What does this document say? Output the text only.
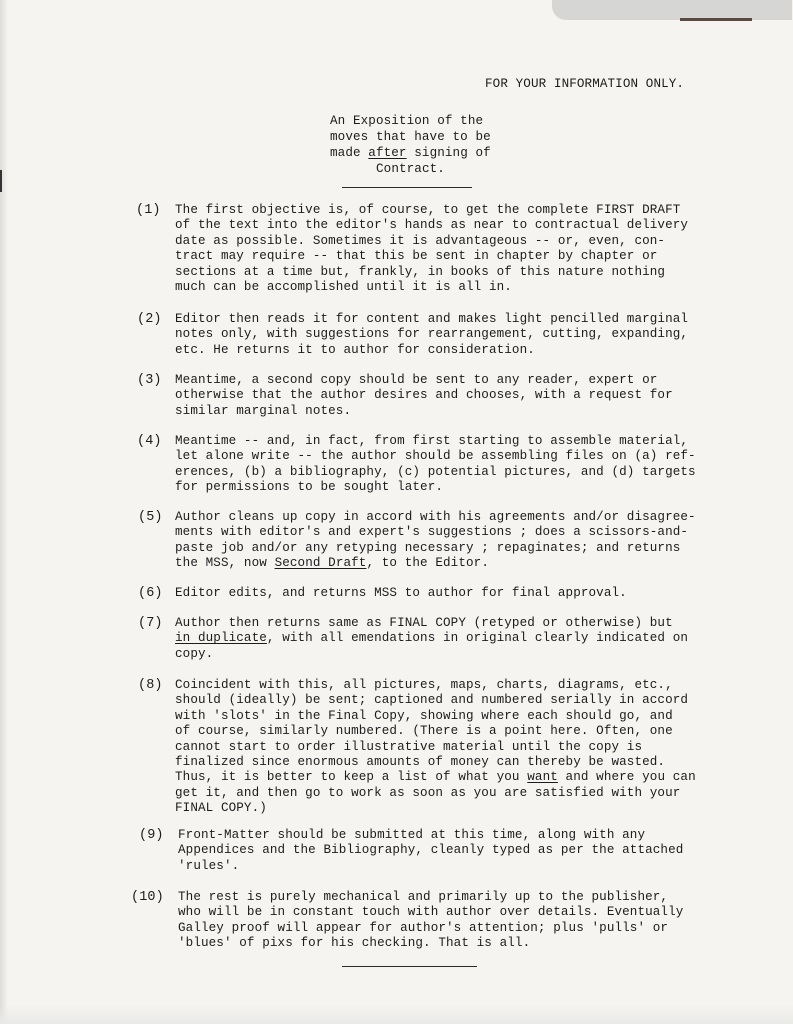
FOR YOUR INFORMATION ONLY.
An Exposition of the
moves that have to be
made after signing of
Contract.
(1) The first objective is, of course, to get the complete FIRST DRAFT
of the text into the editor's hands as near to contractual delivery
date as possible. Sometimes it is advantageous -- or, even, con-
tract may require -- that this be sent in chapter by chapter or
sections at a time but, frankly, in books of this nature nothing
much can be accomplished until it is all in.
(2) Editor then reads it for content and makes light pencilled marginal
notes only, with suggestions for rearrangement, cutting, expanding,
etc. He returns it to author for consideration.
(3) Meantime, a second copy should be sent to any reader, expert or
otherwise that the author desires and chooses, with a request for
similar marginal notes.
(4) Meantime -- and, in fact, from first starting to assemble material,
let alone write -- the author should be assembling files on (a) ref-
erences, (b) a bibliography, (c) potential pictures, and (d) targets
for permissions to be sought later.
(5) Author cleans up copy in accord with his agreements and/or disagree-
ments with editor's and expert's suggestions ; does a scissors-and-
paste job and/or any retyping necessary ; repaginates; and returns
the MSS, now Second Draft, to the Editor.
(6) Editor edits, and returns MSS to author for final approval.
(7) Author then returns same as FINAL COPY (retyped or otherwise) but
in duplicate, with all emendations in original clearly indicated on
copy.
(8) Coincident with this, all pictures, maps, charts, diagrams, etc.,
should (ideally) be sent; captioned and numbered serially in accord
with 'slots' in the Final Copy, showing where each should go, and
of course, similarly numbered. (There is a point here. Often, one
cannot start to order illustrative material until the copy is
finalized since enormous amounts of money can thereby be wasted.
Thus, it is better to keep a list of what you want and where you can
get it, and then go to work as soon as you are satisfied with your
FINAL COPY.)
(9) Front-Matter should be submitted at this time, along with any
Appendices and the Bibliography, cleanly typed as per the attached
'rules'.
(10) The rest is purely mechanical and primarily up to the publisher,
who will be in constant touch with author over details. Eventually
Galley proof will appear for author's attention; plus 'pulls' or
'blues' of pixs for his checking. That is all.
